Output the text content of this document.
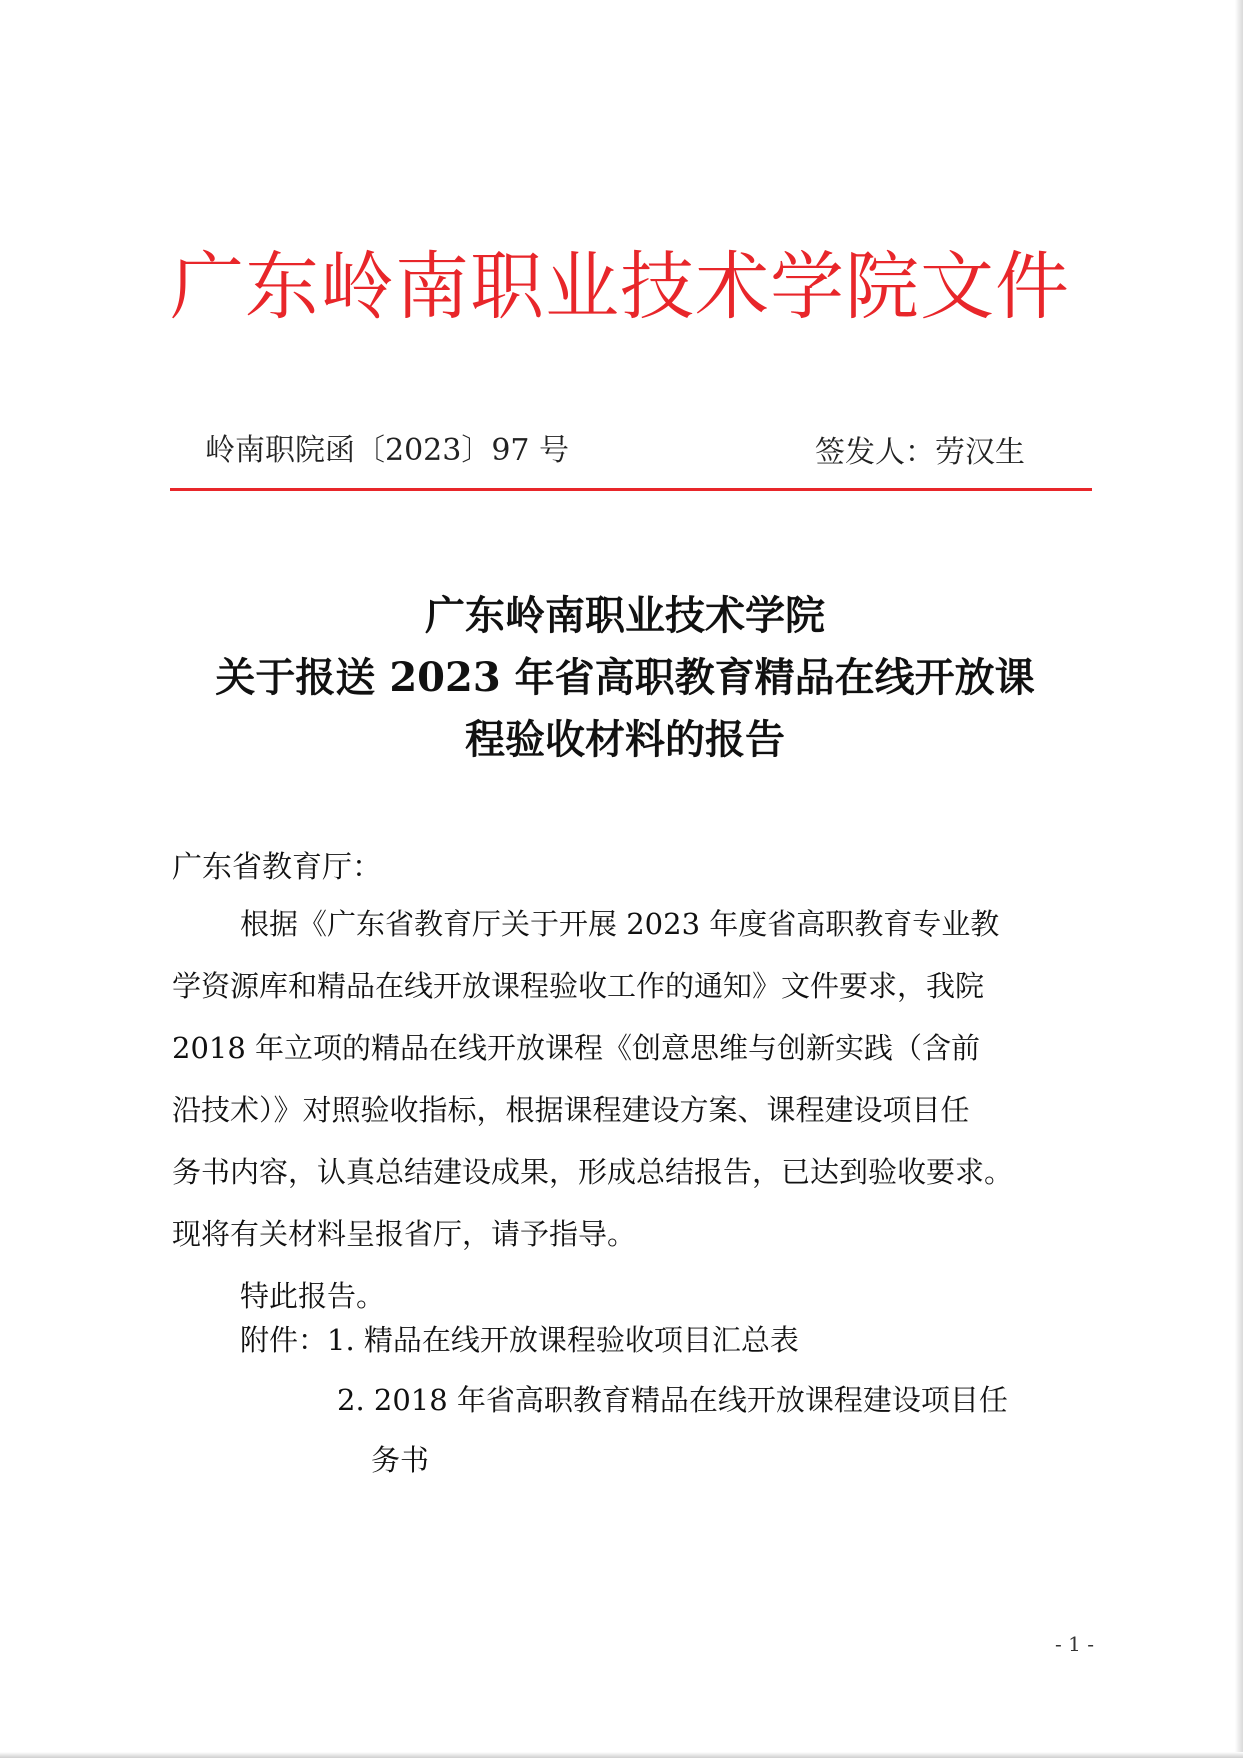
广东岭南职业技术学院文件
岭南职院函〔2023〕97 号	签发人：劳汉生
广东岭南职业技术学院
关于报送 2023 年省高职教育精品在线开放课
程验收材料的报告
广东省教育厅：
根据《广东省教育厅关于开展 2023 年度省高职教育专业教
学资源库和精品在线开放课程验收工作的通知》文件要求，我院
2018 年立项的精品在线开放课程《创意思维与创新实践（含前
沿技术）》对照验收指标，根据课程建设方案、课程建设项目任
务书内容，认真总结建设成果，形成总结报告，已达到验收要求。
现将有关材料呈报省厅，请予指导。
特此报告。
附件：1. 精品在线开放课程验收项目汇总表
2. 2018 年省高职教育精品在线开放课程建设项目任
务书
- 1 -
